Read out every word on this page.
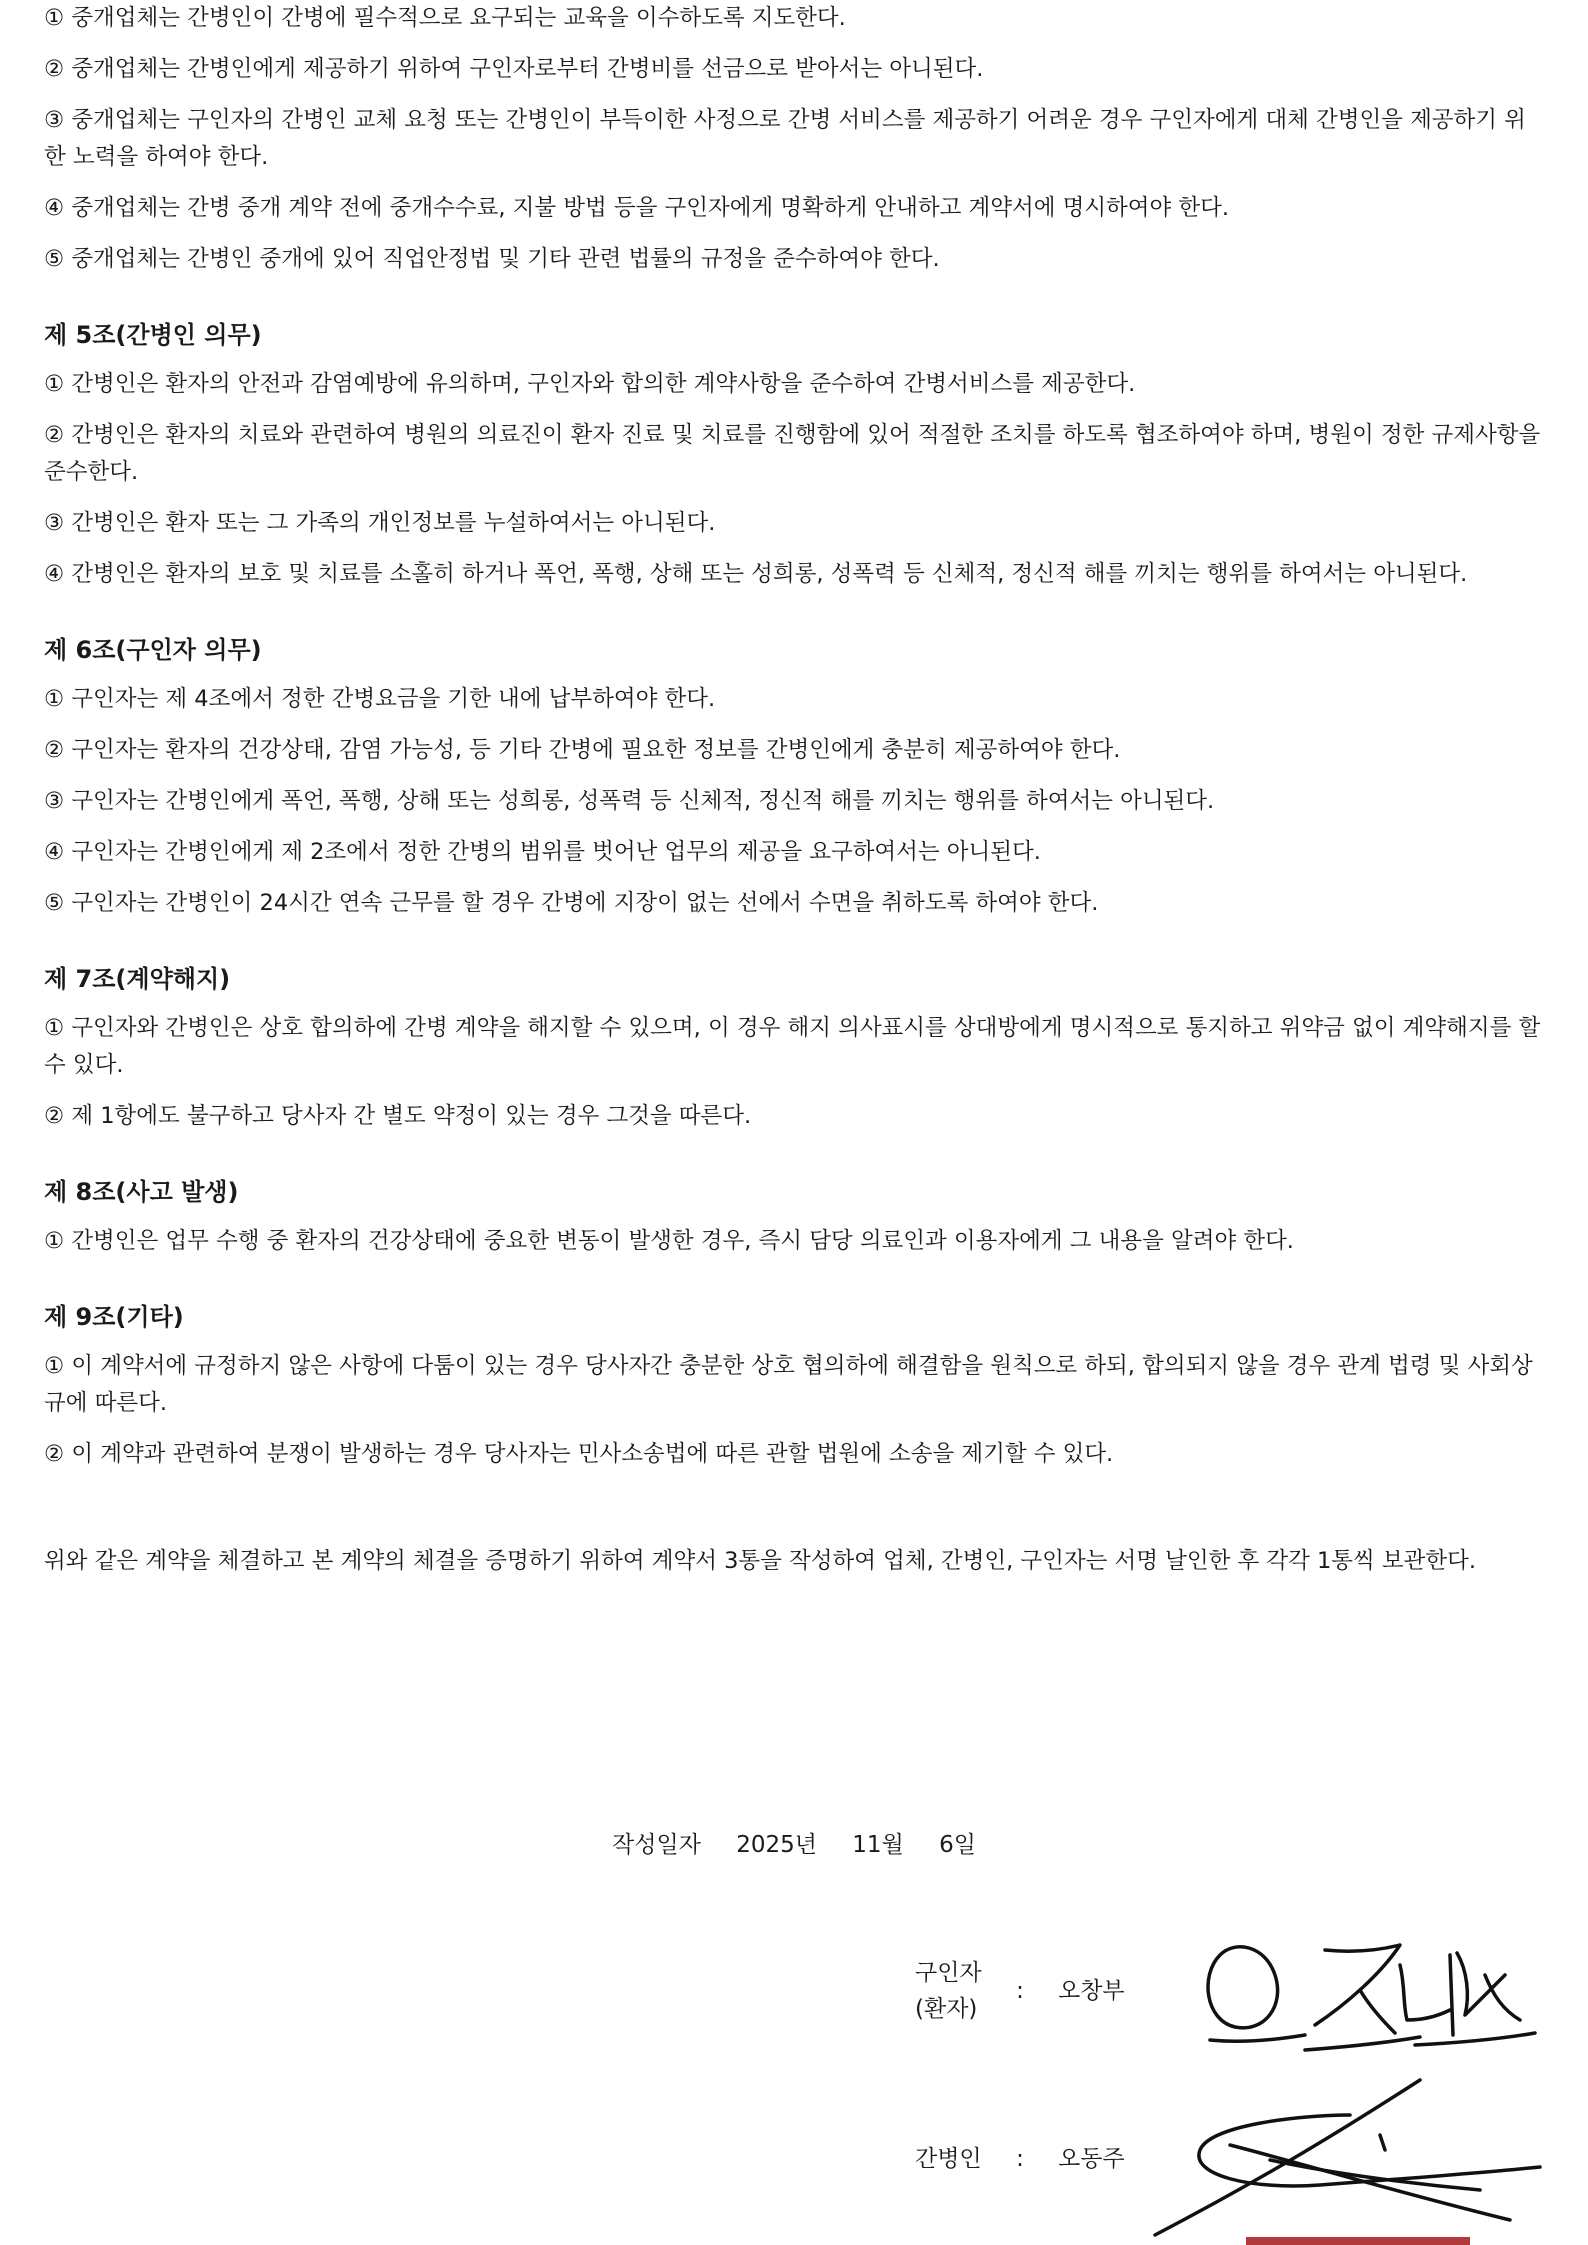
① 중개업체는 간병인이 간병에 필수적으로 요구되는 교육을 이수하도록 지도한다.

② 중개업체는 간병인에게 제공하기 위하여 구인자로부터 간병비를 선금으로 받아서는 아니된다.

③ 중개업체는 구인자의 간병인 교체 요청 또는 간병인이 부득이한 사정으로 간병 서비스를 제공하기 어려운 경우 구인자에게 대체 간병인을 제공하기 위한 노력을 하여야 한다.

④ 중개업체는 간병 중개 계약 전에 중개수수료, 지불 방법 등을 구인자에게 명확하게 안내하고 계약서에 명시하여야 한다.

⑤ 중개업체는 간병인 중개에 있어 직업안정법 및 기타 관련 법률의 규정을 준수하여야 한다.

제 5조(간병인 의무)

① 간병인은 환자의 안전과 감염예방에 유의하며, 구인자와 합의한 계약사항을 준수하여 간병서비스를 제공한다.

② 간병인은 환자의 치료와 관련하여 병원의 의료진이 환자 진료 및 치료를 진행함에 있어 적절한 조치를 하도록 협조하여야 하며, 병원이 정한 규제사항을 준수한다.

③ 간병인은 환자 또는 그 가족의 개인정보를 누설하여서는 아니된다.

④ 간병인은 환자의 보호 및 치료를 소홀히 하거나 폭언, 폭행, 상해 또는 성희롱, 성폭력 등 신체적, 정신적 해를 끼치는 행위를 하여서는 아니된다.

제 6조(구인자 의무)

① 구인자는 제 4조에서 정한 간병요금을 기한 내에 납부하여야 한다.

② 구인자는 환자의 건강상태, 감염 가능성, 등 기타 간병에 필요한 정보를 간병인에게 충분히 제공하여야 한다.

③ 구인자는 간병인에게 폭언, 폭행, 상해 또는 성희롱, 성폭력 등 신체적, 정신적 해를 끼치는 행위를 하여서는 아니된다.

④ 구인자는 간병인에게 제 2조에서 정한 간병의 범위를 벗어난 업무의 제공을 요구하여서는 아니된다.

⑤ 구인자는 간병인이 24시간 연속 근무를 할 경우 간병에 지장이 없는 선에서 수면을 취하도록 하여야 한다.

제 7조(계약해지)

① 구인자와 간병인은 상호 합의하에 간병 계약을 해지할 수 있으며, 이 경우 해지 의사표시를 상대방에게 명시적으로 통지하고 위약금 없이 계약해지를 할 수 있다.

② 제 1항에도 불구하고 당사자 간 별도 약정이 있는 경우 그것을 따른다.

제 8조(사고 발생)

① 간병인은 업무 수행 중 환자의 건강상태에 중요한 변동이 발생한 경우, 즉시 담당 의료인과 이용자에게 그 내용을 알려야 한다.

제 9조(기타)

① 이 계약서에 규정하지 않은 사항에 다툼이 있는 경우 당사자간 충분한 상호 협의하에 해결함을 원칙으로 하되, 합의되지 않을 경우 관계 법령 및 사회상규에 따른다.

② 이 계약과 관련하여 분쟁이 발생하는 경우 당사자는 민사소송법에 따른 관할 법원에 소송을 제기할 수 있다.

위와 같은 계약을 체결하고 본 계약의 체결을 증명하기 위하여 계약서 3통을 작성하여 업체, 간병인, 구인자는 서명 날인한 후 각각 1통씩 보관한다.

작성일자 2025년 11월 6일
구인자
(환자)
: 오창부
간병인 : 오동주
